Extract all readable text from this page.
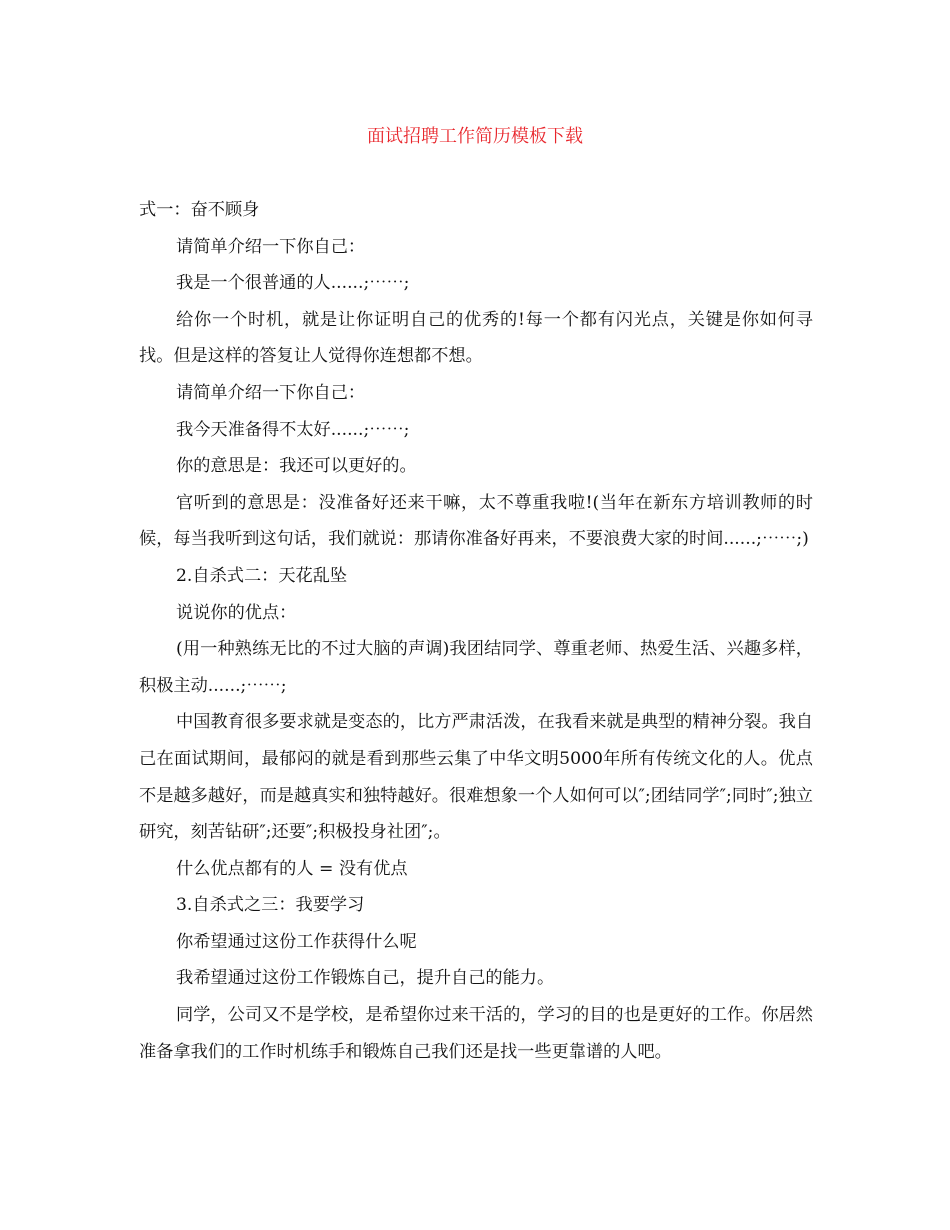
面试招聘工作简历模板下载

式一：奋不顾身

请简单介绍一下你自己：

我是一个很普通的人......;⋯⋯;

给你一个时机，就是让你证明自己的优秀的!每一个都有闪光点，关键是你如何寻找。但是这样的答复让人觉得你连想都不想。

请简单介绍一下你自己：

我今天准备得不太好......;⋯⋯;

你的意思是：我还可以更好的。

官听到的意思是：没准备好还来干嘛，太不尊重我啦!(当年在新东方培训教师的时候，每当我听到这句话，我们就说：那请你准备好再来，不要浪费大家的时间......;⋯⋯;)

2.自杀式二：天花乱坠

说说你的优点：

(用一种熟练无比的不过大脑的声调)我团结同学、尊重老师、热爱生活、兴趣多样，积极主动......;⋯⋯;

中国教育很多要求就是变态的，比方严肃活泼，在我看来就是典型的精神分裂。我自己在面试期间，最郁闷的就是看到那些云集了中华文明5000年所有传统文化的人。优点不是越多越好，而是越真实和独特越好。很难想象一个人如何可以″;团结同学″;同时″;独立研究，刻苦钻研″;还要″;积极投身社团″;。

什么优点都有的人 = 没有优点

3.自杀式之三：我要学习

你希望通过这份工作获得什么呢

我希望通过这份工作锻炼自己，提升自己的能力。

同学，公司又不是学校，是希望你过来干活的，学习的目的也是更好的工作。你居然准备拿我们的工作时机练手和锻炼自己我们还是找一些更靠谱的人吧。
